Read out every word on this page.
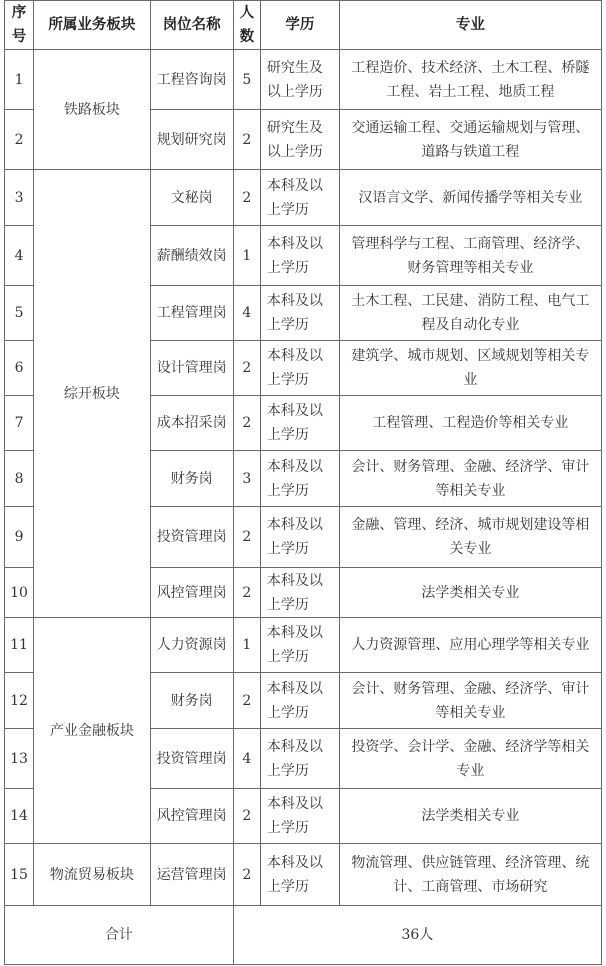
序号	所属业务板块	岗位名称	人数	学历	专业
1	铁路板块	工程咨询岗	5	研究生及以上学历	工程造价、技术经济、土木工程、桥隧工程、岩土工程、地质工程
2		规划研究岗	2	研究生及以上学历	交通运输工程、交通运输规划与管理、道路与铁道工程
3	综开板块	文秘岗	2	本科及以上学历	汉语言文学、新闻传播学等相关专业
4		薪酬绩效岗	1	本科及以上学历	管理科学与工程、工商管理、经济学、财务管理等相关专业
5		工程管理岗	4	本科及以上学历	土木工程、工民建、消防工程、电气工程及自动化专业
6		设计管理岗	2	本科及以上学历	建筑学、城市规划、区域规划等相关专业
7		成本招采岗	2	本科及以上学历	工程管理、工程造价等相关专业
8		财务岗	3	本科及以上学历	会计、财务管理、金融、经济学、审计等相关专业
9		投资管理岗	2	本科及以上学历	金融、管理、经济、城市规划建设等相关专业
10		风控管理岗	2	本科及以上学历	法学类相关专业
11	产业金融板块	人力资源岗	1	本科及以上学历	人力资源管理、应用心理学等相关专业
12		财务岗	2	本科及以上学历	会计、财务管理、金融、经济学、审计等相关专业
13		投资管理岗	4	本科及以上学历	投资学、会计学、金融、经济学等相关专业
14		风控管理岗	2	本科及以上学历	法学类相关专业
15	物流贸易板块	运营管理岗	2	本科及以上学历	物流管理、供应链管理、经济管理、统计、工商管理、市场研究
合计			36人		
